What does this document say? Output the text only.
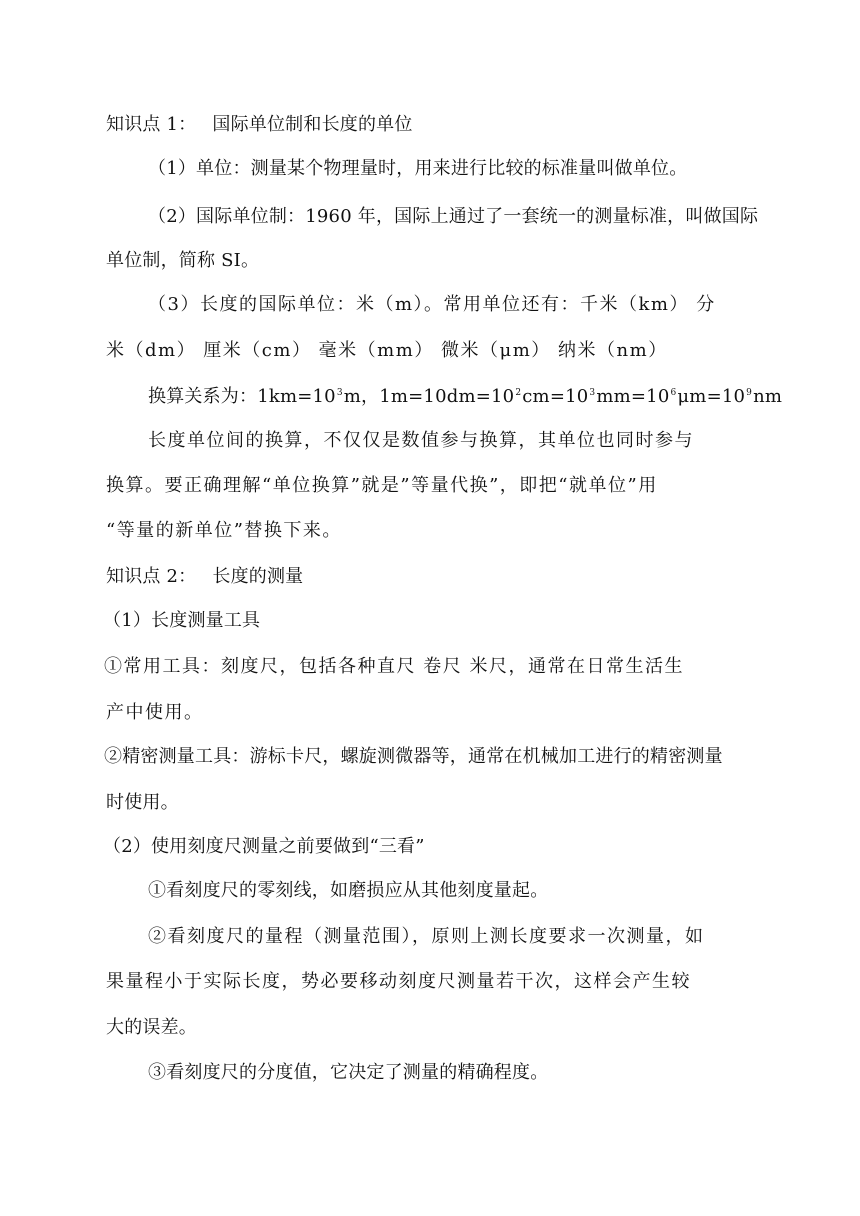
知识点 1： 国际单位制和长度的单位
（1）单位：测量某个物理量时，用来进行比较的标准量叫做单位。
（2）国际单位制：1960 年，国际上通过了一套统一的测量标准，叫做国际
单位制，简称 SI。
（3）长度的国际单位：米（m）。常用单位还有：千米（km） 分
米（dm） 厘米（cm） 毫米（mm） 微米（μm） 纳米（nm）
换算关系为：$1km=10^3m$，$1m=10dm=10^2cm=10^3mm=10^6\mu m=10^9nm$
长度单位间的换算，不仅仅是数值参与换算，其单位也同时参与
换算。要正确理解“单位换算”就是”等量代换”，即把“就单位”用
“等量的新单位”替换下来。
知识点 2： 长度的测量
（1）长度测量工具
①常用工具：刻度尺，包括各种直尺 卷尺 米尺，通常在日常生活生
产中使用。
②精密测量工具：游标卡尺，螺旋测微器等，通常在机械加工进行的精密测量
时使用。
（2）使用刻度尺测量之前要做到“三看”
①看刻度尺的零刻线，如磨损应从其他刻度量起。
②看刻度尺的量程（测量范围），原则上测长度要求一次测量，如
果量程小于实际长度，势必要移动刻度尺测量若干次，这样会产生较
大的误差。
③看刻度尺的分度值，它决定了测量的精确程度。
